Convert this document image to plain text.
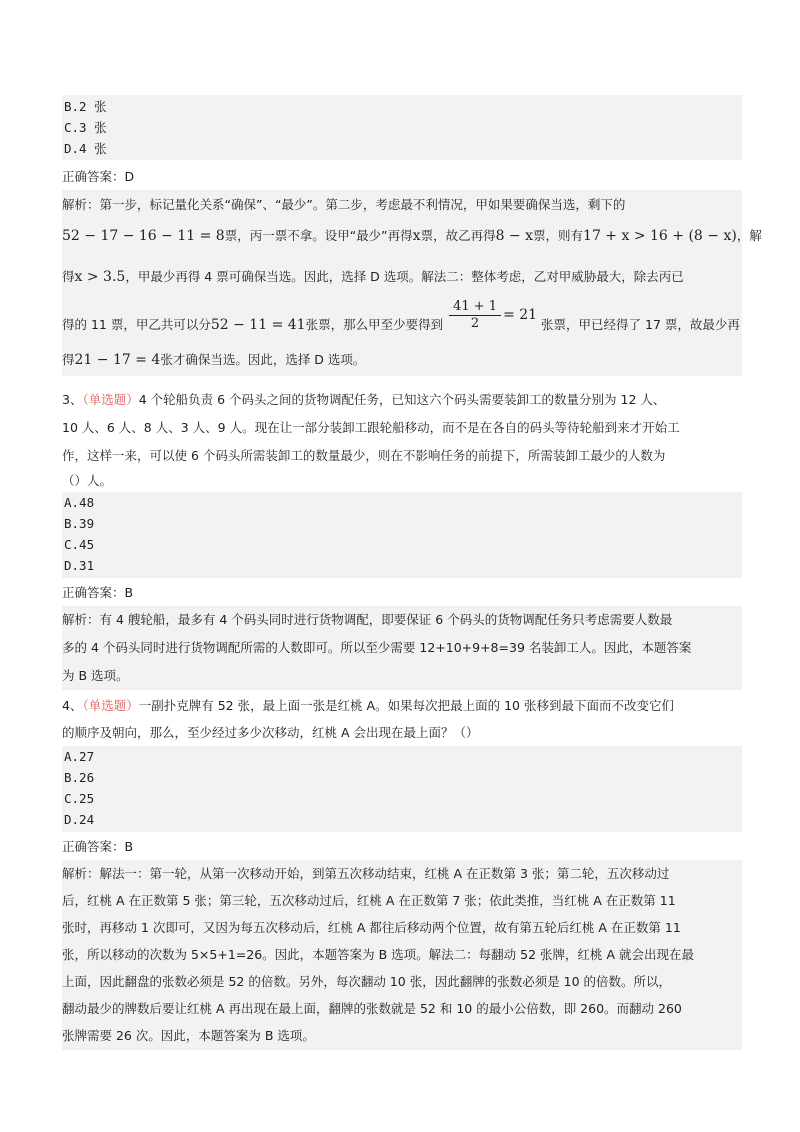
B.2 张
C.3 张
D.4 张
正确答案：D
解析：第一步，标记量化关系“确保”、“最少”。第二步，考虑最不利情况，甲如果要确保当选，剩下的
52 − 17 − 16 − 11 = 8票，丙一票不拿。设甲“最少”再得x票，故乙再得8 − x票，则有17 + x > 16 + (8 − x)，解
得x > 3.5，甲最少再得 4 票可确保当选。因此，选择 D 选项。解法二：整体考虑，乙对甲威胁最大，除去丙已
得的 11 票，甲乙共可以分52 − 11 = 41张票，那么甲至少要得到 $\frac{41 + 1}{2} = 21$ 张票，甲已经得了 17 票，故最少再
得21 − 17 = 4张才确保当选。因此，选择 D 选项。
3、（单选题）4 个轮船负责 6 个码头之间的货物调配任务，已知这六个码头需要装卸工的数量分别为 12 人、
10 人、6 人、8 人、3 人、9 人。现在让一部分装卸工跟轮船移动，而不是在各自的码头等待轮船到来才开始工
作，这样一来，可以使 6 个码头所需装卸工的数量最少，则在不影响任务的前提下，所需装卸工最少的人数为
（）人。
A.48
B.39
C.45
D.31
正确答案：B
解析：有 4 艘轮船，最多有 4 个码头同时进行货物调配，即要保证 6 个码头的货物调配任务只考虑需要人数最
多的 4 个码头同时进行货物调配所需的人数即可。所以至少需要 12+10+9+8=39 名装卸工人。因此，本题答案
为 B 选项。
4、（单选题）一副扑克牌有 52 张，最上面一张是红桃 A。如果每次把最上面的 10 张移到最下面而不改变它们
的顺序及朝向，那么，至少经过多少次移动，红桃 A 会出现在最上面？（）
A.27
B.26
C.25
D.24
正确答案：B
解析：解法一：第一轮，从第一次移动开始，到第五次移动结束，红桃 A 在正数第 3 张；第二轮，五次移动过
后，红桃 A 在正数第 5 张；第三轮，五次移动过后，红桃 A 在正数第 7 张；依此类推，当红桃 A 在正数第 11
张时，再移动 1 次即可，又因为每五次移动后，红桃 A 都往后移动两个位置，故有第五轮后红桃 A 在正数第 11
张，所以移动的次数为 5×5+1=26。因此，本题答案为 B 选项。解法二：每翻动 52 张牌，红桃 A 就会出现在最
上面，因此翻盘的张数必须是 52 的倍数。另外，每次翻动 10 张，因此翻牌的张数必须是 10 的倍数。所以，
翻动最少的牌数后要让红桃 A 再出现在最上面，翻牌的张数就是 52 和 10 的最小公倍数，即 260。而翻动 260
张牌需要 26 次。因此，本题答案为 B 选项。
